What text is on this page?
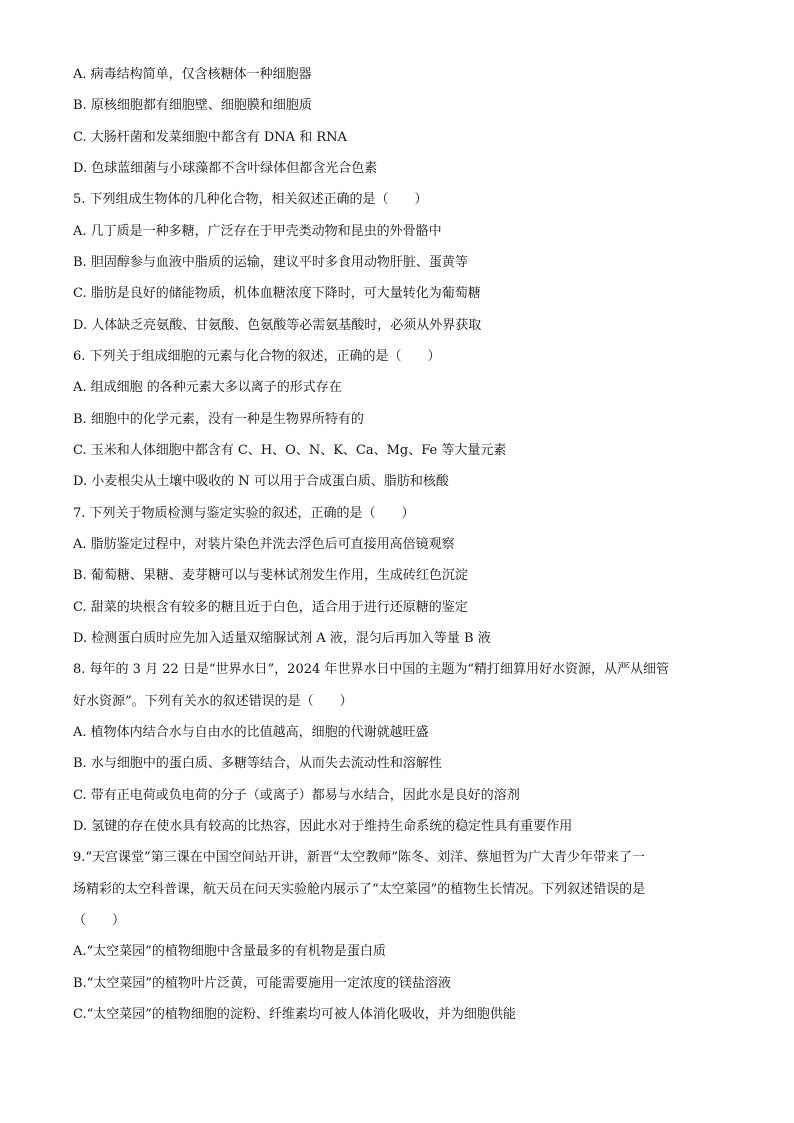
A. 病毒结构简单，仅含核糖体一种细胞器
B. 原核细胞都有细胞壁、细胞膜和细胞质
C. 大肠杆菌和发菜细胞中都含有 DNA 和 RNA
D. 色球蓝细菌与小球藻都不含叶绿体但都含光合色素
5. 下列组成生物体的几种化合物，相关叙述正确的是（　　）
A. 几丁质是一种多糖，广泛存在于甲壳类动物和昆虫的外骨骼中
B. 胆固醇参与血液中脂质的运输，建议平时多食用动物肝脏、蛋黄等
C. 脂肪是良好的储能物质，机体血糖浓度下降时，可大量转化为葡萄糖
D. 人体缺乏亮氨酸、甘氨酸、色氨酸等必需氨基酸时，必须从外界获取
6. 下列关于组成细胞的元素与化合物的叙述，正确的是（　　）
A. 组成细胞 的各种元素大多以离子的形式存在
B. 细胞中的化学元素，没有一种是生物界所特有的
C. 玉米和人体细胞中都含有 C、H、O、N、K、Ca、Mg、Fe 等大量元素
D. 小麦根尖从土壤中吸收的 N 可以用于合成蛋白质、脂肪和核酸
7. 下列关于物质检测与鉴定实验的叙述，正确的是（　　）
A. 脂肪鉴定过程中，对装片染色并洗去浮色后可直接用高倍镜观察
B. 葡萄糖、果糖、麦芽糖可以与斐林试剂发生作用，生成砖红色沉淀
C. 甜菜的块根含有较多的糖且近于白色，适合用于进行还原糖的鉴定
D. 检测蛋白质时应先加入适量双缩脲试剂 A 液，混匀后再加入等量 B 液
8. 每年的 3 月 22 日是“世界水日”，2024 年世界水日中国的主题为“精打细算用好水资源，从严从细管
好水资源”。下列有关水的叙述错误的是（　　）
A. 植物体内结合水与自由水的比值越高，细胞的代谢就越旺盛
B. 水与细胞中的蛋白质、多糖等结合，从而失去流动性和溶解性
C. 带有正电荷或负电荷的分子（或离子）都易与水结合，因此水是良好的溶剂
D. 氢键的存在使水具有较高的比热容，因此水对于维持生命系统的稳定性具有重要作用
9.“天宫课堂”第三课在中国空间站开讲，新晋“太空教师”陈冬、刘洋、蔡旭哲为广大青少年带来了一
场精彩的太空科普课，航天员在问天实验舱内展示了“太空菜园”的植物生长情况。下列叙述错误的是
（　　）
A.“太空菜园”的植物细胞中含量最多的有机物是蛋白质
B.“太空菜园”的植物叶片泛黄，可能需要施用一定浓度的镁盐溶液
C.“太空菜园”的植物细胞的淀粉、纤维素均可被人体消化吸收，并为细胞供能
